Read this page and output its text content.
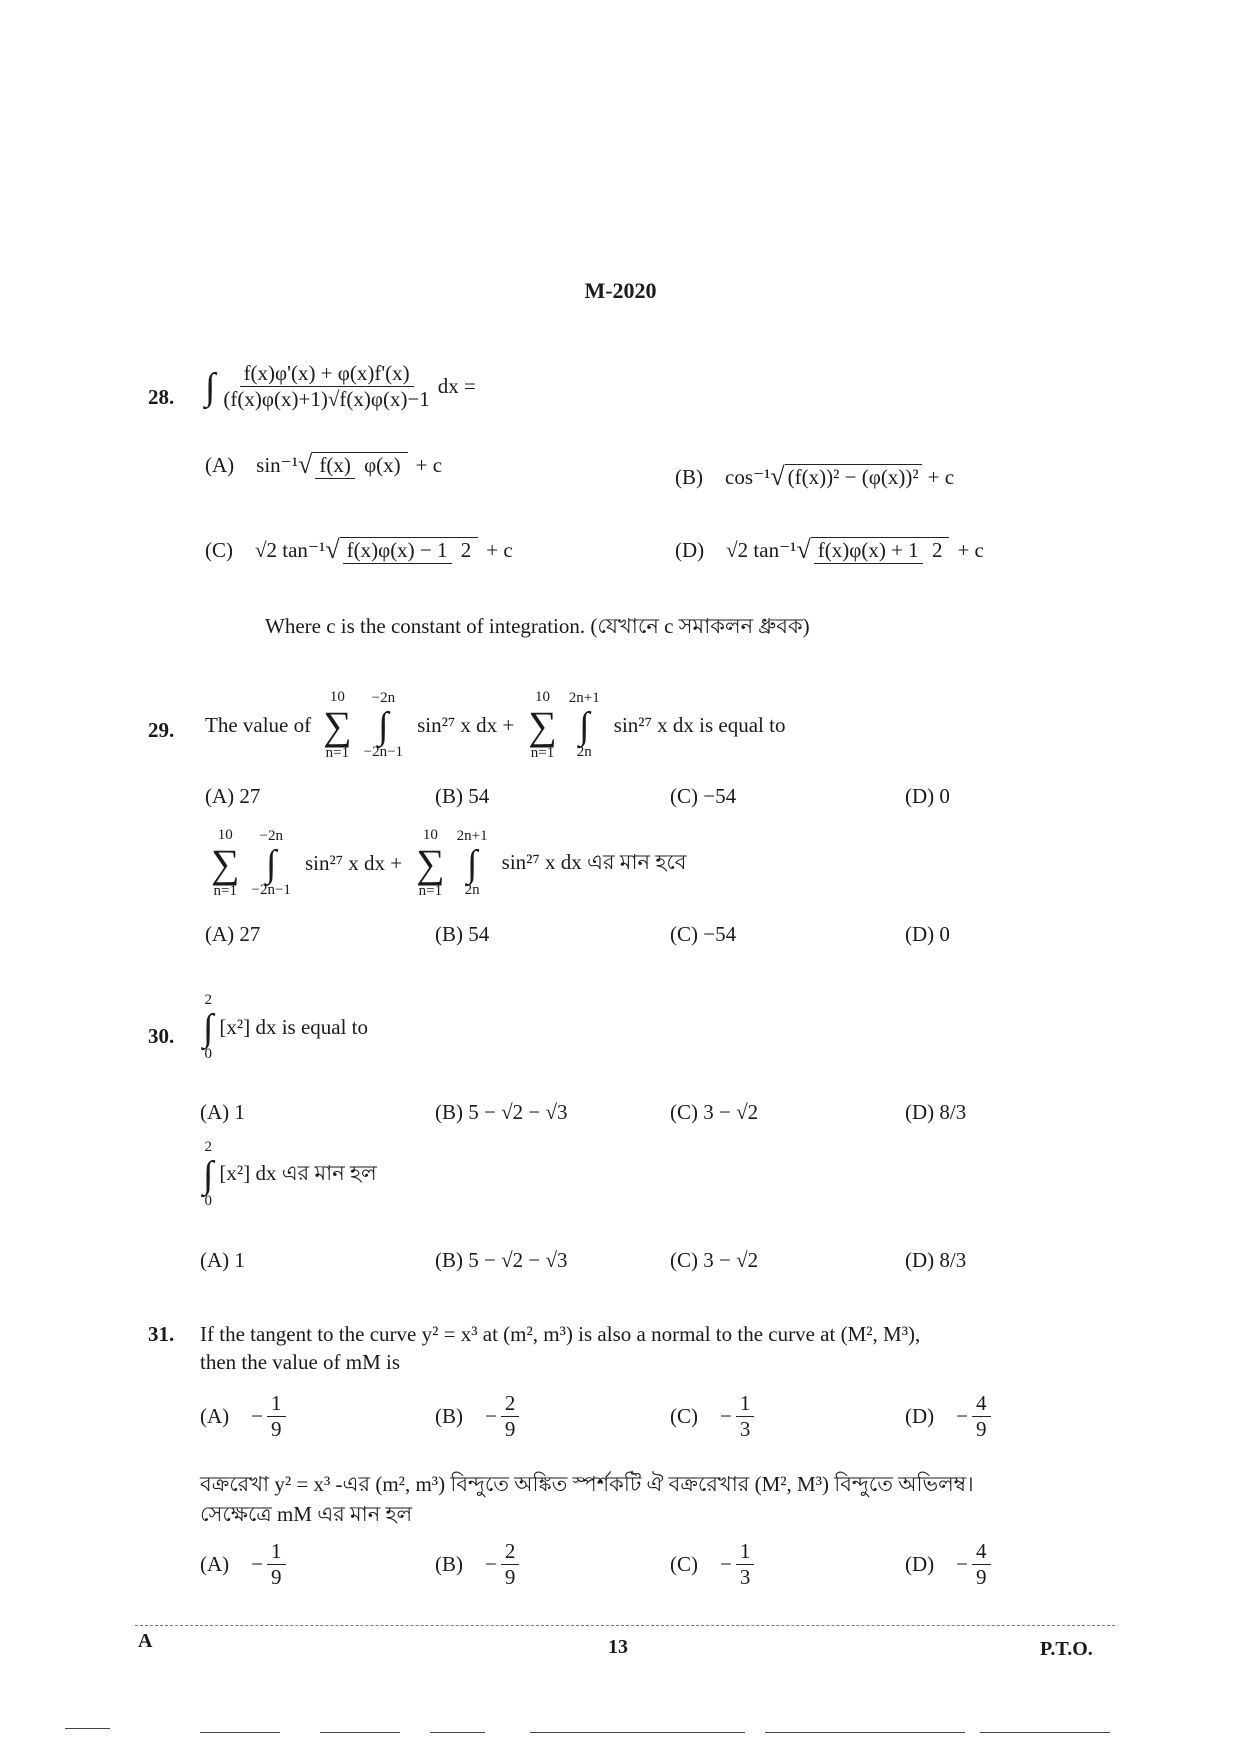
M-2020
28. ∫ $\frac{f(x)\varphi'(x) + \varphi(x)f'(x)}{(f(x)\varphi(x)+1)√f(x)\varphi(x)-1}$ dx =
(A) sin⁻¹ √ f(x) φ(x) + c	(B) cos⁻¹ √ (f(x))² − (φ(x))² + c
(C) √2 tan⁻¹ √ f(x)φ(x) − 1 2 + c	(D) √2 tan⁻¹ √ f(x)φ(x) + 1 2 + c
Where c is the constant of integration. (যেখানে c সমাকলন ধ্রুবক)
29. The value of
10
∑
n=1
−2n
∫
−2n−1
sin²⁷ x dx +
10
∑
n=1
2n+1
∫
2n
sin²⁷ x dx is equal to
(A) 27	(B) 54	(C) −54	(D) 0
10
∑
n=1
−2n
∫
−2n−1
sin²⁷ x dx +
10
∑
n=1
2n+1
∫
2n
sin²⁷ x dx এর মান হবে
(A) 27	(B) 54	(C) −54	(D) 0
30.
2
∫
0
[x²] dx is equal to
(A) 1	(B) 5 − √2 − √3	(C) 3 − √2	(D) 8/3
2
∫
0
[x²] dx এর মান হল
(A) 1	(B) 5 − √2 − √3	(C) 3 − √2	(D) 8/3
31. If the tangent to the curve y² = x³ at (m², m³) is also a normal to the curve at (M², M³),
then the value of mM is
$(A) - \frac{1}{9}$	$(B) - \frac{2}{9}$	$(C) - \frac{1}{3}$	$(D) - \frac{4}{9}$
বক্ররেখা y² = x³ -এর (m², m³) বিন্দুতে অঙ্কিত স্পর্শকটি ঐ বক্ররেখার (M², M³) বিন্দুতে অভিলম্ব।
সেক্ষেত্রে mM এর মান হল
$(A) - \frac{1}{9}$	$(B) - \frac{2}{9}$	$(C) - \frac{1}{3}$	$(D) - \frac{4}{9}$
A	13	P.T.O.
